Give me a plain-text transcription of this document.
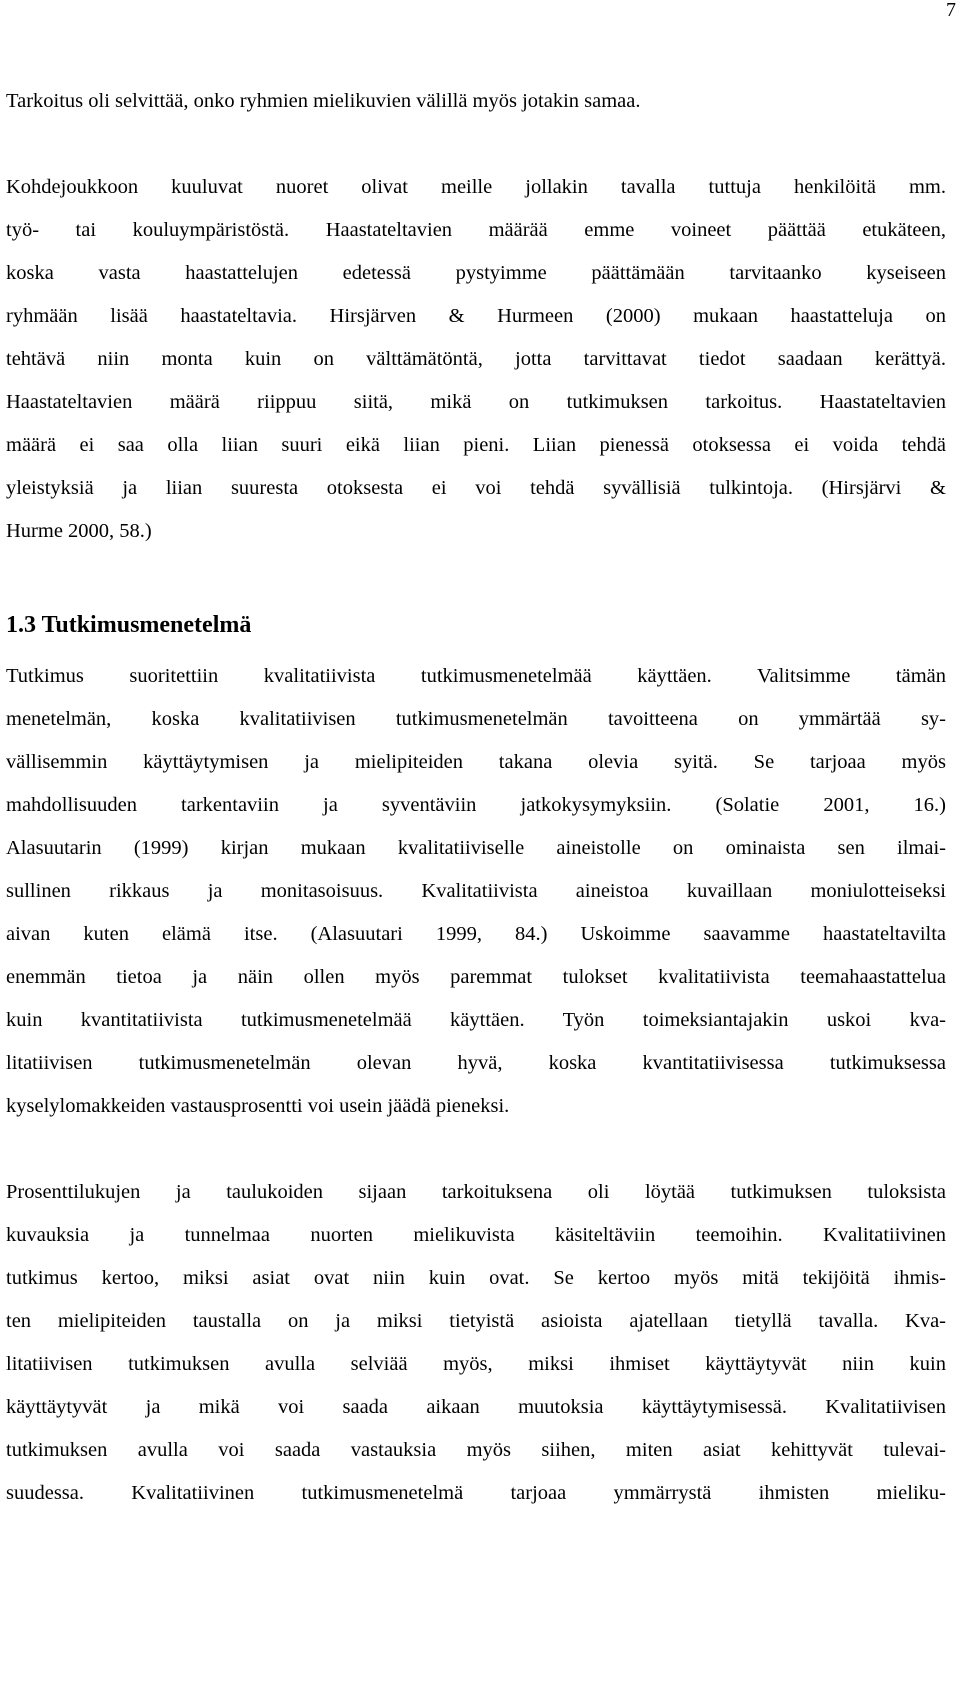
7
Tarkoitus oli selvittää, onko ryhmien mielikuvien välillä myös jotakin samaa.
Kohdejoukkoon kuuluvat nuoret olivat meille jollakin tavalla tuttuja henkilöitä mm.
työ- tai kouluympäristöstä. Haastateltavien määrää emme voineet päättää etukäteen,
koska vasta haastattelujen edetessä pystyimme päättämään tarvitaanko kyseiseen
ryhmään lisää haastateltavia. Hirsjärven & Hurmeen (2000) mukaan haastatteluja on
tehtävä niin monta kuin on välttämätöntä, jotta tarvittavat tiedot saadaan kerättyä.
Haastateltavien määrä riippuu siitä, mikä on tutkimuksen tarkoitus. Haastateltavien
määrä ei saa olla liian suuri eikä liian pieni. Liian pienessä otoksessa ei voida tehdä
yleistyksiä ja liian suuresta otoksesta ei voi tehdä syvällisiä tulkintoja. (Hirsjärvi &
Hurme 2000, 58.)
1.3 Tutkimusmenetelmä
Tutkimus suoritettiin kvalitatiivista tutkimusmenetelmää käyttäen. Valitsimme tämän
menetelmän, koska kvalitatiivisen tutkimusmenetelmän tavoitteena on ymmärtää sy-
vällisemmin käyttäytymisen ja mielipiteiden takana olevia syitä. Se tarjoaa myös
mahdollisuuden tarkentaviin ja syventäviin jatkokysymyksiin. (Solatie 2001, 16.)
Alasuutarin (1999) kirjan mukaan kvalitatiiviselle aineistolle on ominaista sen ilmai-
sullinen rikkaus ja monitasoisuus. Kvalitatiivista aineistoa kuvaillaan moniulotteiseksi
aivan kuten elämä itse. (Alasuutari 1999, 84.) Uskoimme saavamme haastateltavilta
enemmän tietoa ja näin ollen myös paremmat tulokset kvalitatiivista teemahaastattelua
kuin kvantitatiivista tutkimusmenetelmää käyttäen. Työn toimeksiantajakin uskoi kva-
litatiivisen tutkimusmenetelmän olevan hyvä, koska kvantitatiivisessa tutkimuksessa
kyselylomakkeiden vastausprosentti voi usein jäädä pieneksi.
Prosenttilukujen ja taulukoiden sijaan tarkoituksena oli löytää tutkimuksen tuloksista
kuvauksia ja tunnelmaa nuorten mielikuvista käsiteltäviin teemoihin. Kvalitatiivinen
tutkimus kertoo, miksi asiat ovat niin kuin ovat. Se kertoo myös mitä tekijöitä ihmis-
ten mielipiteiden taustalla on ja miksi tietyistä asioista ajatellaan tietyllä tavalla. Kva-
litatiivisen tutkimuksen avulla selviää myös, miksi ihmiset käyttäytyvät niin kuin
käyttäytyvät ja mikä voi saada aikaan muutoksia käyttäytymisessä. Kvalitatiivisen
tutkimuksen avulla voi saada vastauksia myös siihen, miten asiat kehittyvät tulevai-
suudessa. Kvalitatiivinen tutkimusmenetelmä tarjoaa ymmärrystä ihmisten mieliku-
